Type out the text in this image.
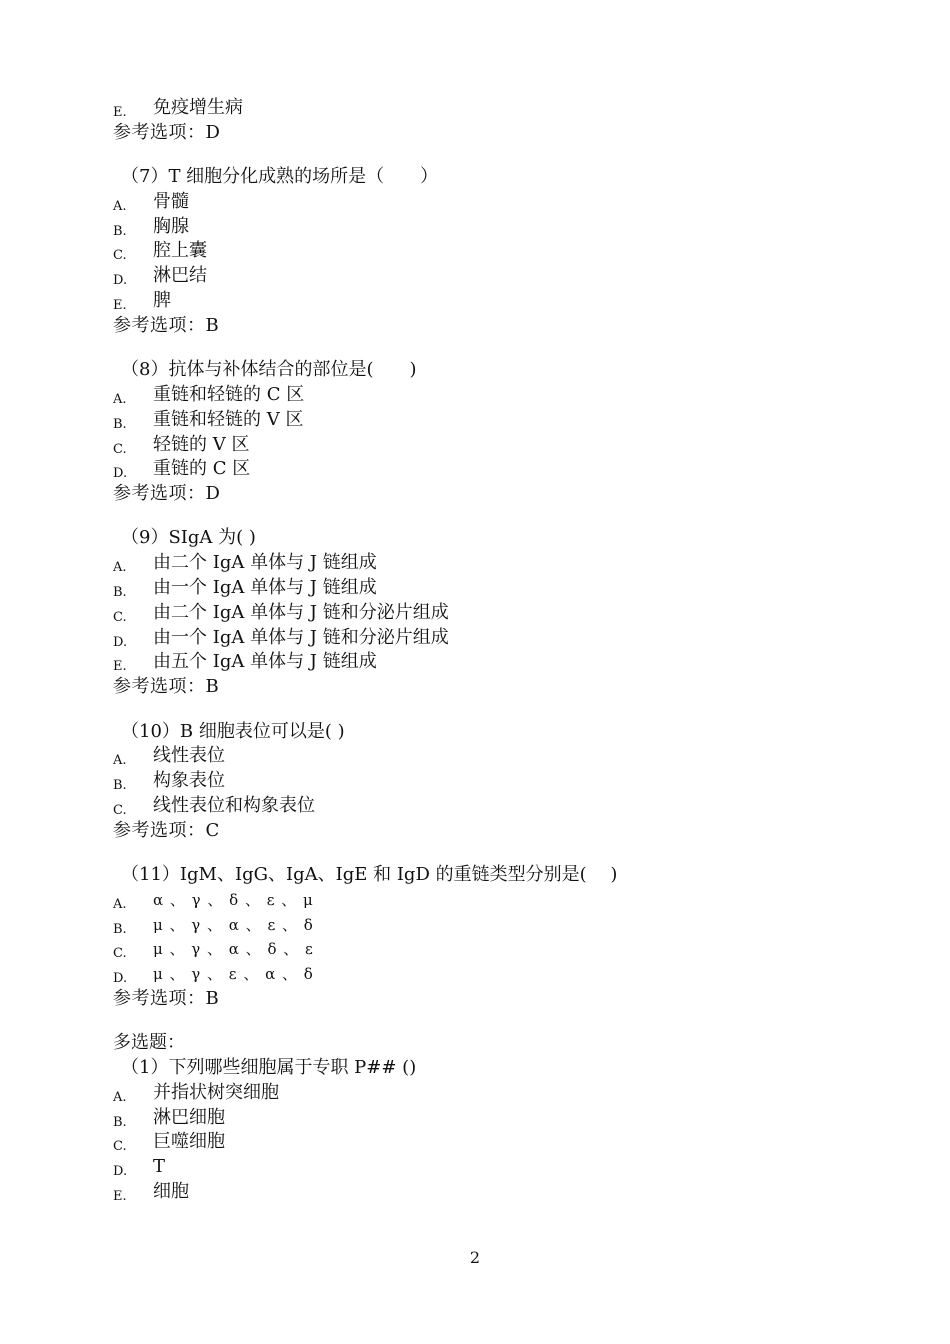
E. 免疫增生病
参考选项：D
（7）T 细胞分化成熟的场所是（　　）
A. 骨髓
B. 胸腺
C. 腔上囊
D. 淋巴结
E. 脾
参考选项：B
（8）抗体与补体结合的部位是(　　)
A. 重链和轻链的 C 区
B. 重链和轻链的 V 区
C. 轻链的 V 区
D. 重链的 C 区
参考选项：D
（9）SIgA 为( )
A. 由二个 IgA 单体与 J 链组成
B. 由一个 IgA 单体与 J 链组成
C. 由二个 IgA 单体与 J 链和分泌片组成
D. 由一个 IgA 单体与 J 链和分泌片组成
E. 由五个 IgA 单体与 J 链组成
参考选项：B
（10）B 细胞表位可以是( )
A. 线性表位
B. 构象表位
C. 线性表位和构象表位
参考选项：C
（11）IgM、IgG、IgA、IgE 和 IgD 的重链类型分别是(　 )
A. α 、 γ 、 δ 、 ε 、 μ
B. μ 、 γ 、 α 、 ε 、 δ
C. μ 、 γ 、 α 、 δ 、 ε
D. μ 、 γ 、 ε 、 α 、 δ
参考选项：B
多选题：
（1）下列哪些细胞属于专职 P## ()
A. 并指状树突细胞
B. 淋巴细胞
C. 巨噬细胞
D. T
E. 细胞
2
